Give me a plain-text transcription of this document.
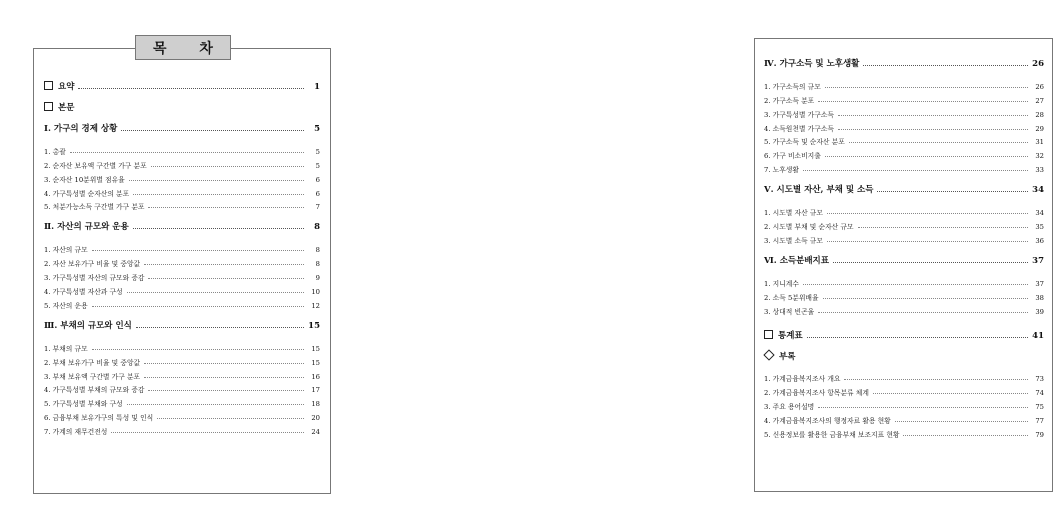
목 차
요약	1
본문
Ⅰ. 가구의 경제 상황	5
1. 총괄	5
2. 순자산 보유액 구간별 가구 분포	5
3. 순자산 10분위별 점유율	6
4. 가구특성별 순자산의 분포	6
5. 처분가능소득 구간별 가구 분포	7
Ⅱ. 자산의 규모와 운용	8
1. 자산의 규모	8
2. 자산 보유가구 비율 및 중앙값	8
3. 가구특성별 자산의 규모와 증감	9
4. 가구특성별 자산과 구성	10
5. 자산의 운용	12
Ⅲ. 부채의 규모와 인식	15
1. 부채의 규모	15
2. 부채 보유가구 비율 및 중앙값	15
3. 부채 보유액 구간별 가구 분포	16
4. 가구특성별 부채의 규모와 증감	17
5. 가구특성별 부채와 구성	18
6. 금융부채 보유가구의 특성 및 인식	20
7. 가계의 재무건전성	24
Ⅳ. 가구소득 및 노후생활	26
1. 가구소득의 규모	26
2. 가구소득 분포	27
3. 가구특성별 가구소득	28
4. 소득원천별 가구소득	29
5. 가구소득 및 순자산 분포	31
6. 가구 비소비지출	32
7. 노후생활	33
Ⅴ. 시도별 자산, 부채 및 소득	34
1. 시도별 자산 규모	34
2. 시도별 부채 및 순자산 규모	35
3. 시도별 소득 규모	36
Ⅵ. 소득분배지표	37
1. 지니계수	37
2. 소득 5분위배율	38
3. 상대적 빈곤율	39
통계표	41
부록
1. 가계금융복지조사 개요	73
2. 가계금융복지조사 항목분류 체계	74
3. 주요 용어설명	75
4. 가계금융복지조사의 행정자료 활용 현황	77
5. 신용정보를 활용한 금융부채 보조지표 현황	79
